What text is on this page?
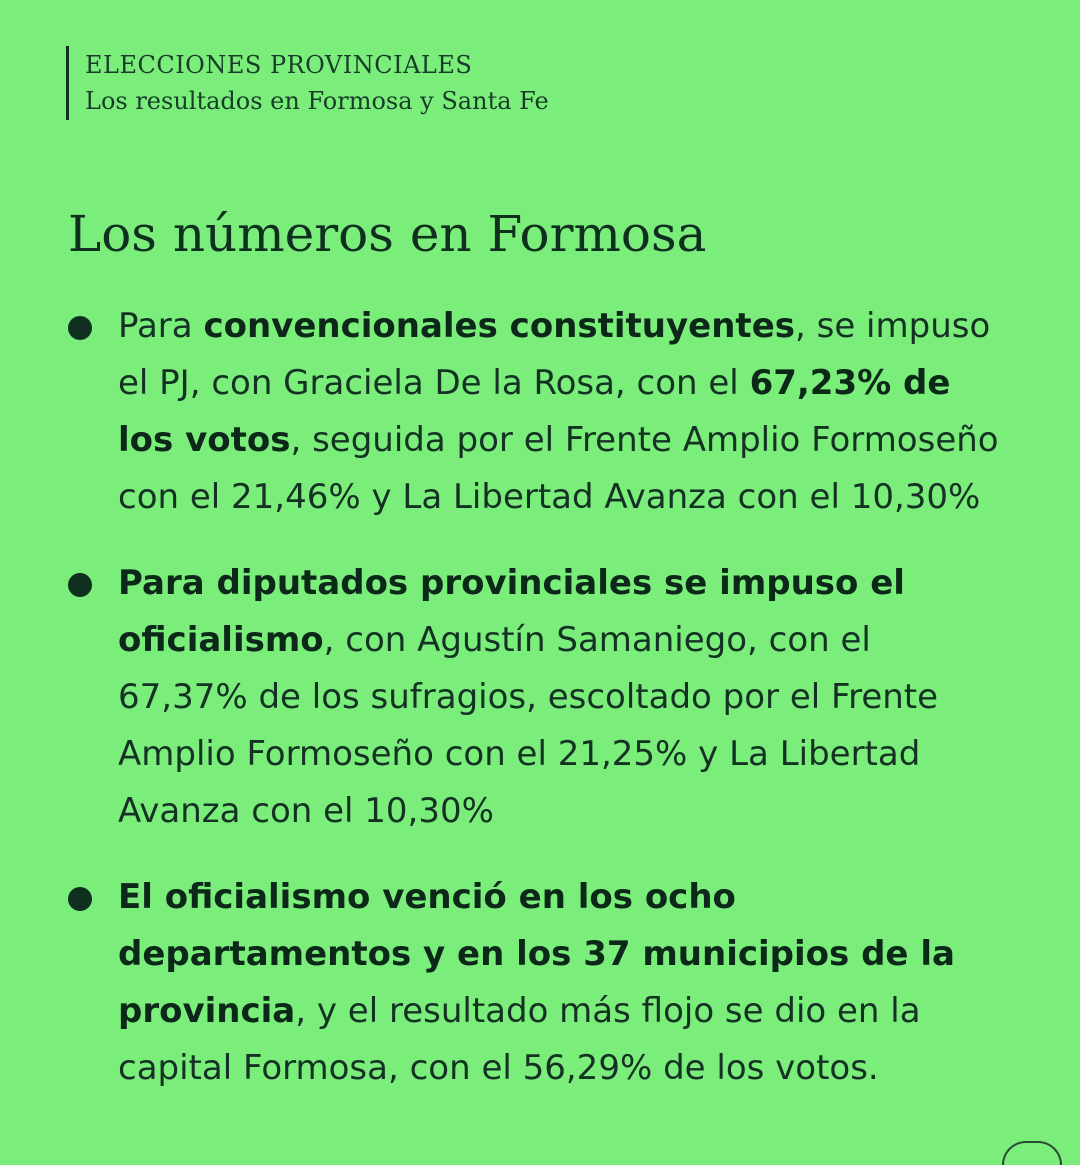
ELECCIONES PROVINCIALES
Los resultados en Formosa y Santa Fe
Los números en Formosa
Para convencionales constituyentes, se impuso el PJ, con Graciela De la Rosa, con el 67,23% de los votos, seguida por el Frente Amplio Formoseño con el 21,46% y La Libertad Avanza con el 10,30%
Para diputados provinciales se impuso el oficialismo, con Agustín Samaniego, con el 67,37% de los sufragios, escoltado por el Frente Amplio Formoseño con el 21,25% y La Libertad Avanza con el 10,30%
El oficialismo venció en los ocho departamentos y en los 37 municipios de la provincia, y el resultado más flojo se dio en la capital Formosa, con el 56,29% de los votos.
